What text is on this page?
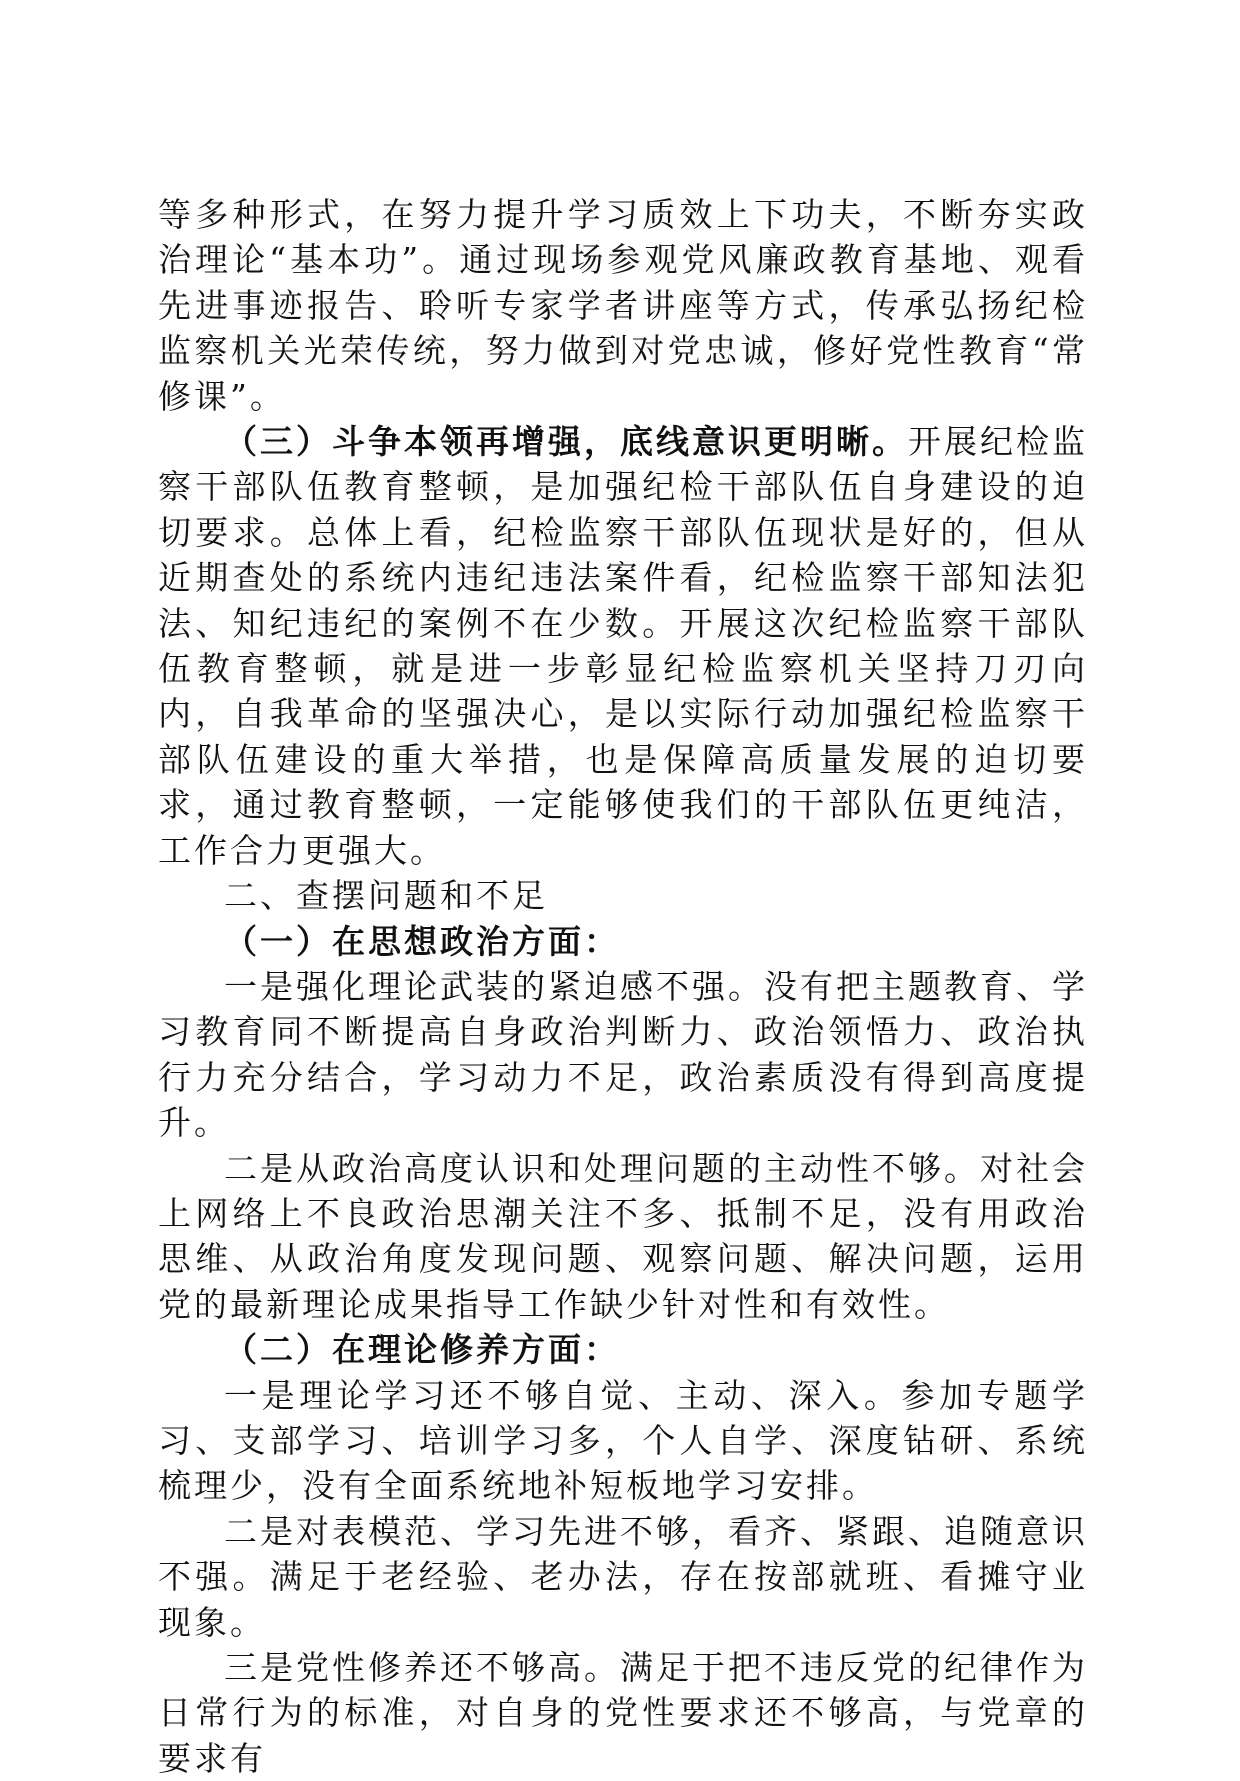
等多种形式，在努力提升学习质效上下功夫，不断夯实政治理论“基本功”。通过现场参观党风廉政教育基地、观看先进事迹报告、聆听专家学者讲座等方式，传承弘扬纪检监察机关光荣传统，努力做到对党忠诚，修好党性教育“常修课”。

（三）斗争本领再增强，底线意识更明晰。开展纪检监察干部队伍教育整顿，是加强纪检干部队伍自身建设的迫切要求。总体上看，纪检监察干部队伍现状是好的，但从近期查处的系统内违纪违法案件看，纪检监察干部知法犯法、知纪违纪的案例不在少数。开展这次纪检监察干部队伍教育整顿，就是进一步彰显纪检监察机关坚持刀刃向内，自我革命的坚强决心，是以实际行动加强纪检监察干部队伍建设的重大举措，也是保障高质量发展的迫切要求，通过教育整顿，一定能够使我们的干部队伍更纯洁，工作合力更强大。

二、查摆问题和不足

（一）在思想政治方面：

一是强化理论武装的紧迫感不强。没有把主题教育、学习教育同不断提高自身政治判断力、政治领悟力、政治执行力充分结合，学习动力不足，政治素质没有得到高度提升。

二是从政治高度认识和处理问题的主动性不够。对社会上网络上不良政治思潮关注不多、抵制不足，没有用政治思维、从政治角度发现问题、观察问题、解决问题，运用党的最新理论成果指导工作缺少针对性和有效性。

（二）在理论修养方面：

一是理论学习还不够自觉、主动、深入。参加专题学习、支部学习、培训学习多，个人自学、深度钻研、系统梳理少，没有全面系统地补短板地学习安排。

二是对表模范、学习先进不够，看齐、紧跟、追随意识不强。满足于老经验、老办法，存在按部就班、看摊守业现象。

三是党性修养还不够高。满足于把不违反党的纪律作为日常行为的标准，对自身的党性要求还不够高，与党章的要求有
